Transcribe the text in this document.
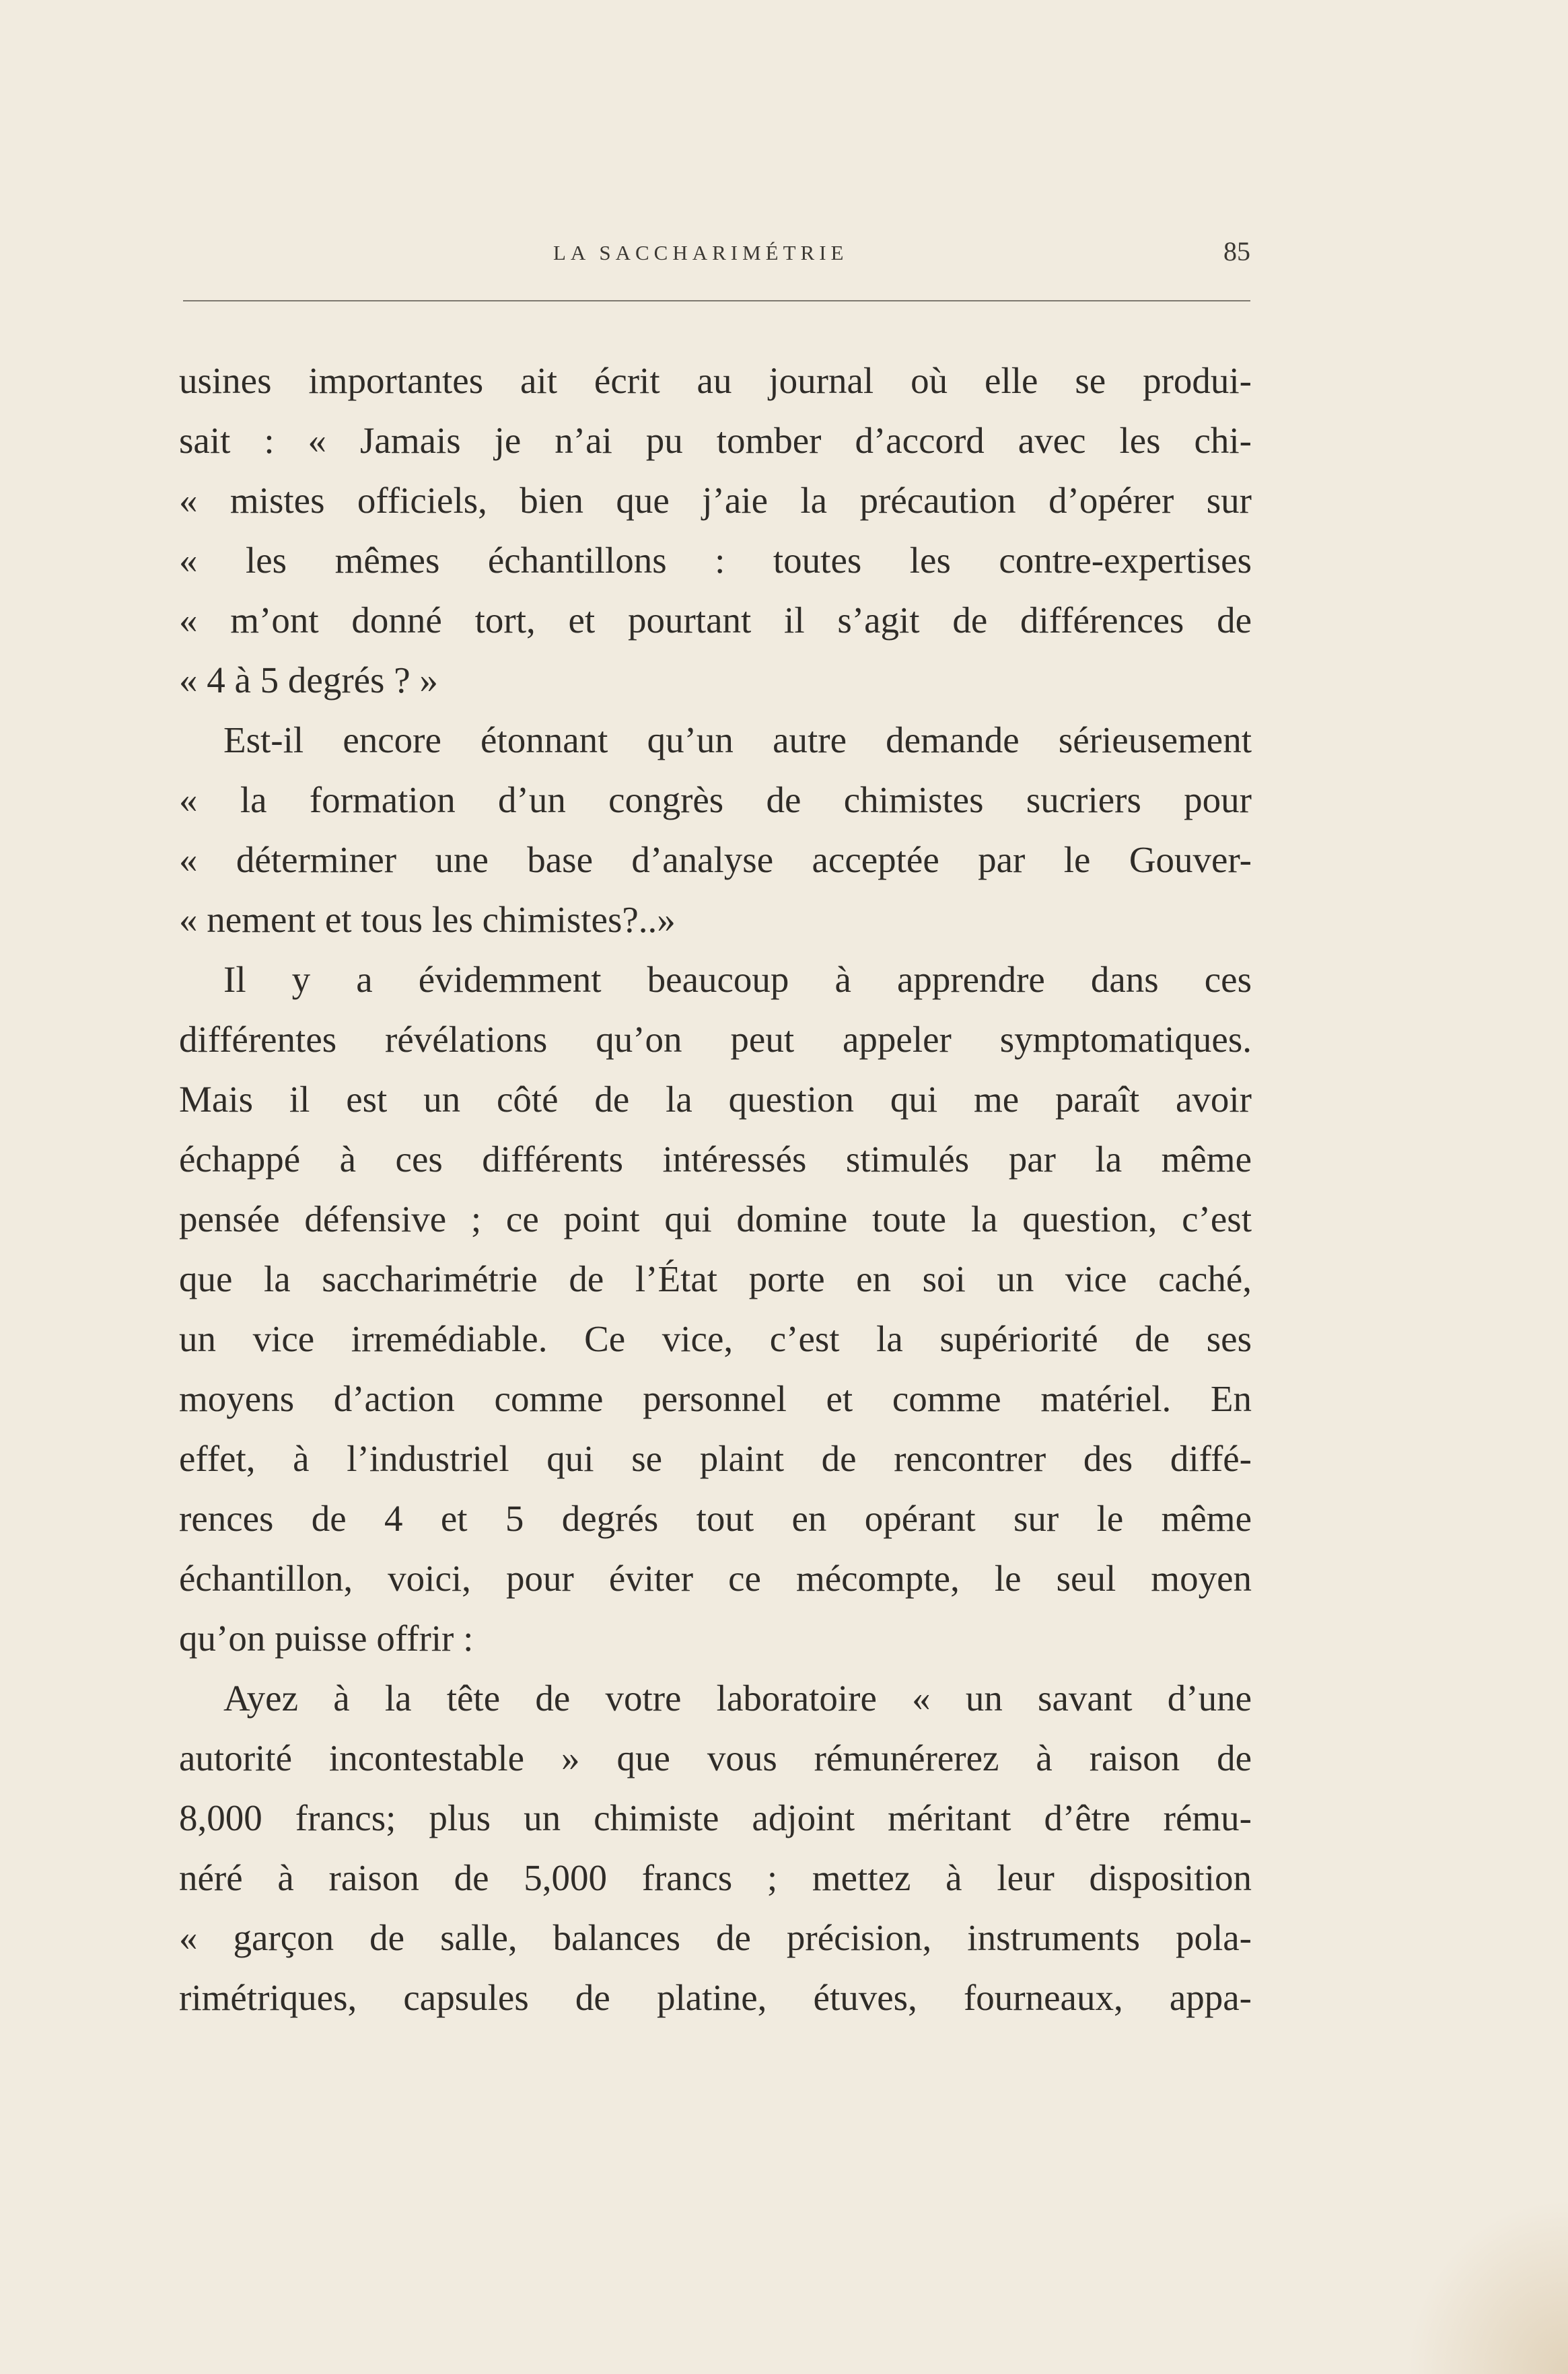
LA SACCHARIMÉTRIE	85
usines importantes ait écrit au journal où elle se produi-
sait : « Jamais je n’ai pu tomber d’accord avec les chi-
« mistes officiels, bien que j’aie la précaution d’opérer sur
« les mêmes échantillons : toutes les contre-expertises
« m’ont donné tort, et pourtant il s’agit de différences de
« 4 à 5 degrés ? »
Est-il encore étonnant qu’un autre demande sérieusement
« la formation d’un congrès de chimistes sucriers pour
« déterminer une base d’analyse acceptée par le Gouver-
« nement et tous les chimistes?..»
Il y a évidemment beaucoup à apprendre dans ces
différentes révélations qu’on peut appeler symptomatiques.
Mais il est un côté de la question qui me paraît avoir
échappé à ces différents intéressés stimulés par la même
pensée défensive ; ce point qui domine toute la question, c’est
que la saccharimétrie de l’État porte en soi un vice caché,
un vice irremédiable. Ce vice, c’est la supériorité de ses
moyens d’action comme personnel et comme matériel. En
effet, à l’industriel qui se plaint de rencontrer des diffé-
rences de 4 et 5 degrés tout en opérant sur le même
échantillon, voici, pour éviter ce mécompte, le seul moyen
qu’on puisse offrir :
Ayez à la tête de votre laboratoire « un savant d’une
autorité incontestable » que vous rémunérerez à raison de
8,000 francs; plus un chimiste adjoint méritant d’être rému-
néré à raison de 5,000 francs ; mettez à leur disposition
« garçon de salle, balances de précision, instruments pola-
rimétriques, capsules de platine, étuves, fourneaux, appa-
